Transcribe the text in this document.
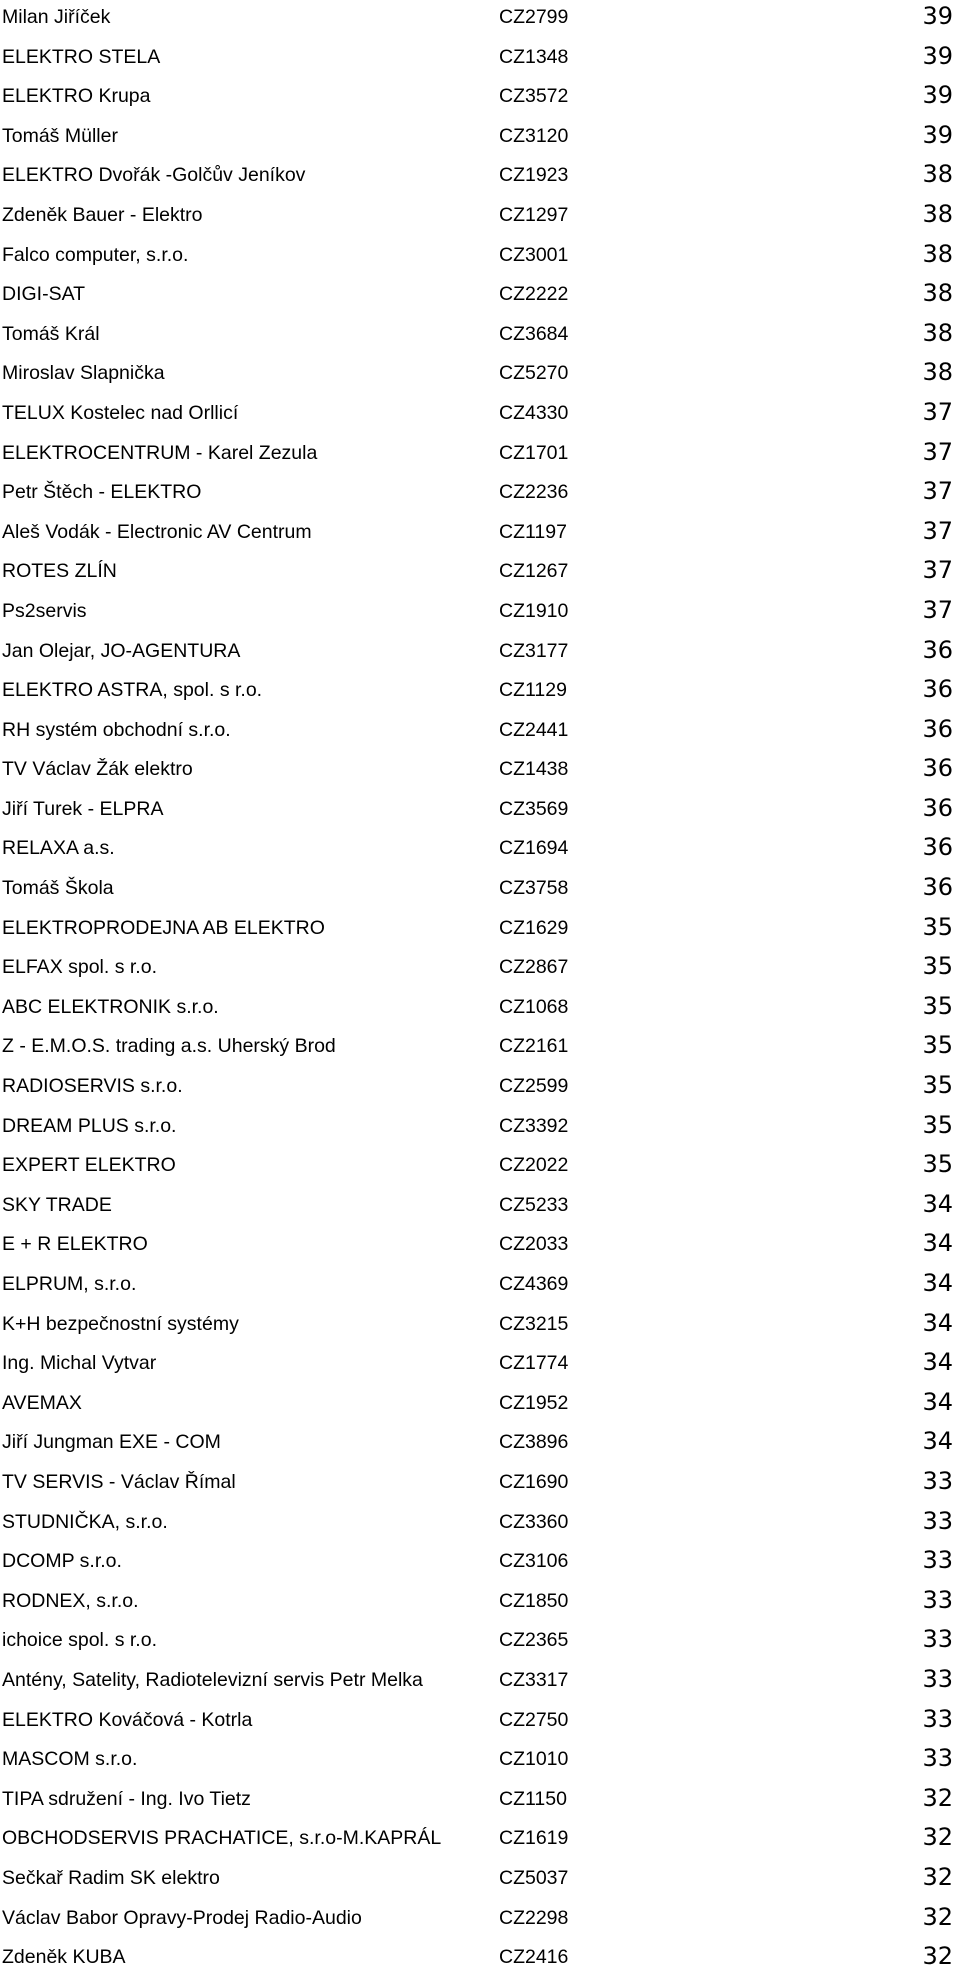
Milan Jiříček	CZ2799	39
ELEKTRO STELA	CZ1348	39
ELEKTRO Krupa	CZ3572	39
Tomáš Müller	CZ3120	39
ELEKTRO Dvořák -Golčův Jeníkov	CZ1923	38
Zdeněk Bauer - Elektro	CZ1297	38
Falco computer, s.r.o.	CZ3001	38
DIGI-SAT	CZ2222	38
Tomáš Král	CZ3684	38
Miroslav Slapnička	CZ5270	38
TELUX Kostelec nad Orllicí	CZ4330	37
ELEKTROCENTRUM - Karel Zezula	CZ1701	37
Petr Štěch - ELEKTRO	CZ2236	37
Aleš Vodák - Electronic AV Centrum	CZ1197	37
ROTES ZLÍN	CZ1267	37
Ps2servis	CZ1910	37
Jan Olejar, JO-AGENTURA	CZ3177	36
ELEKTRO ASTRA, spol. s r.o.	CZ1129	36
RH systém obchodní s.r.o.	CZ2441	36
TV Václav Žák elektro	CZ1438	36
Jiří Turek - ELPRA	CZ3569	36
RELAXA a.s.	CZ1694	36
Tomáš Škola	CZ3758	36
ELEKTROPRODEJNA AB ELEKTRO	CZ1629	35
ELFAX spol. s r.o.	CZ2867	35
ABC ELEKTRONIK s.r.o.	CZ1068	35
Z - E.M.O.S. trading a.s. Uherský Brod	CZ2161	35
RADIOSERVIS s.r.o.	CZ2599	35
DREAM PLUS s.r.o.	CZ3392	35
EXPERT ELEKTRO	CZ2022	35
SKY TRADE	CZ5233	34
E + R ELEKTRO	CZ2033	34
ELPRUM, s.r.o.	CZ4369	34
K+H bezpečnostní systémy	CZ3215	34
Ing. Michal Vytvar	CZ1774	34
AVEMAX	CZ1952	34
Jiří Jungman EXE - COM	CZ3896	34
TV SERVIS - Václav Římal	CZ1690	33
STUDNIČKA, s.r.o.	CZ3360	33
DCOMP s.r.o.	CZ3106	33
RODNEX, s.r.o.	CZ1850	33
ichoice spol. s r.o.	CZ2365	33
Antény, Satelity, Radiotelevizní servis Petr Melka	CZ3317	33
ELEKTRO Kováčová - Kotrla	CZ2750	33
MASCOM s.r.o.	CZ1010	33
TIPA sdružení - Ing. Ivo Tietz	CZ1150	32
OBCHODSERVIS PRACHATICE, s.r.o-M.KAPRÁL	CZ1619	32
Sečkař Radim SK elektro	CZ5037	32
Václav Babor Opravy-Prodej Radio-Audio	CZ2298	32
Zdeněk KUBA	CZ2416	32
